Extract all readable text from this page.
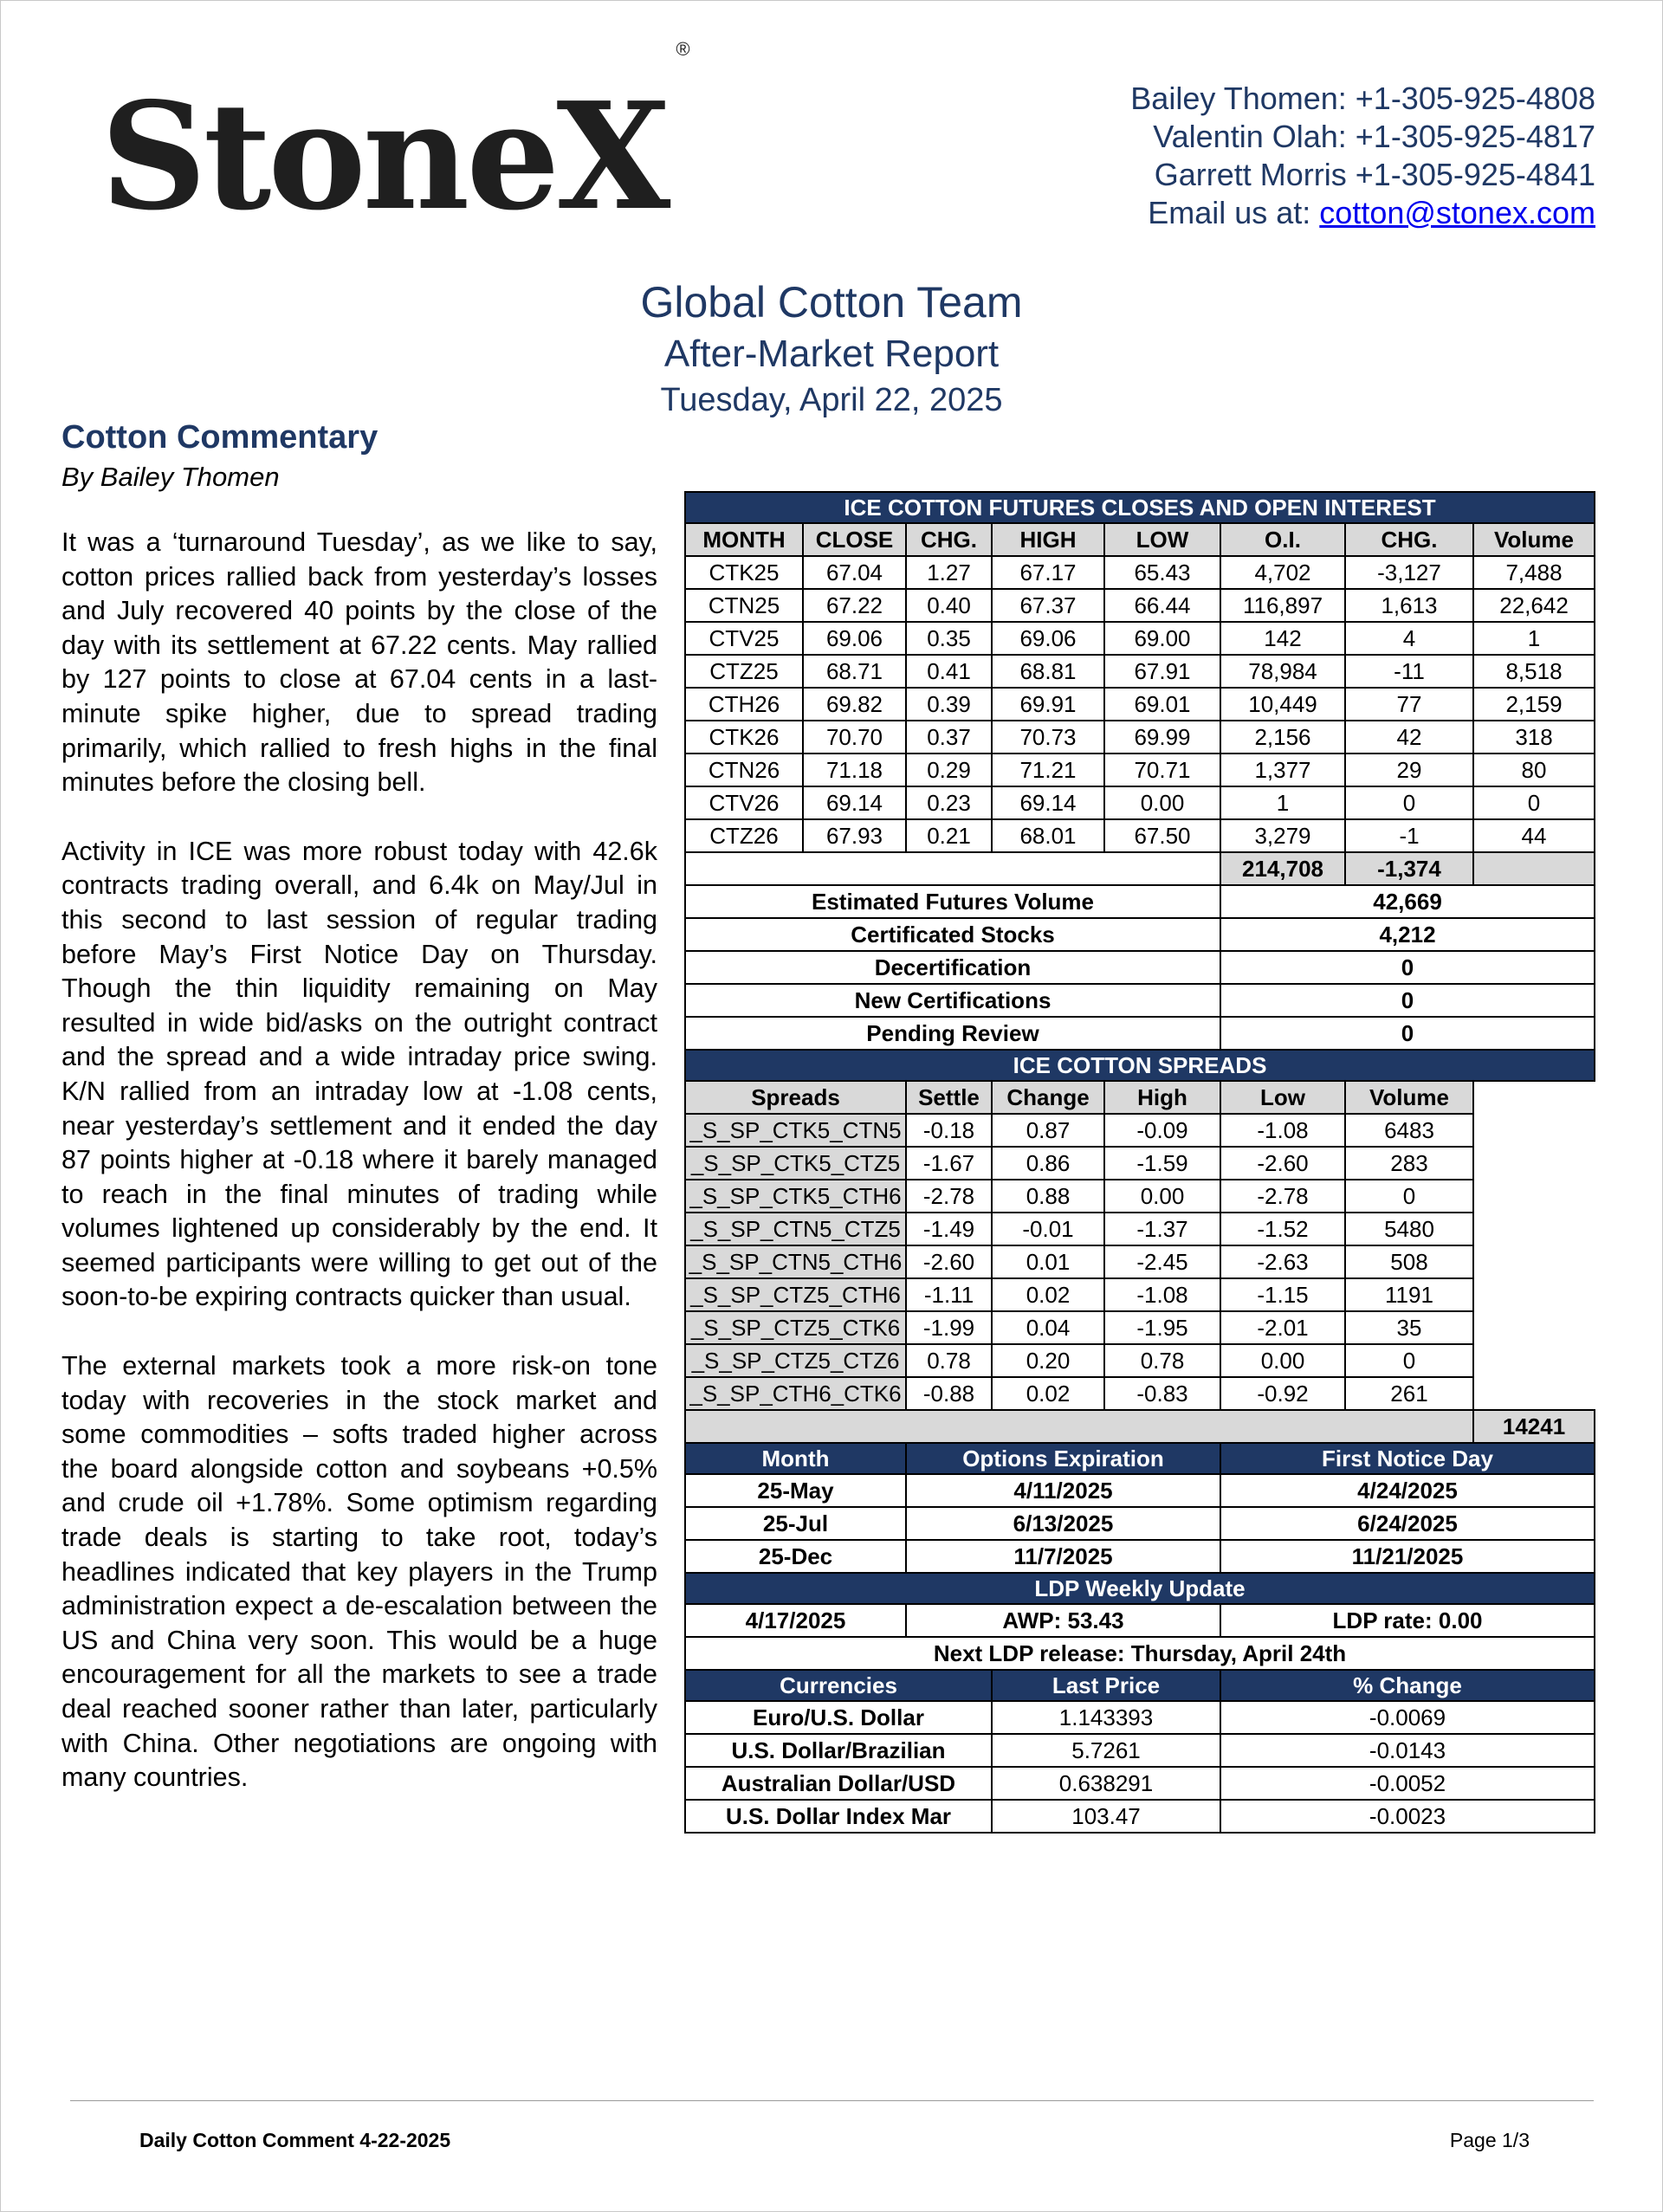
StoneX®
Bailey Thomen: +1-305-925-4808
Valentin Olah: +1-305-925-4817
Garrett Morris +1-305-925-4841
Email us at: cotton@stonex.com
Global Cotton Team
After-Market Report
Tuesday, April 22, 2025
Cotton Commentary
By Bailey Thomen

It was a ‘turnaround Tuesday’, as we like to say, cotton prices rallied back from yesterday’s losses and July recovered 40 points by the close of the day with its settlement at 67.22 cents. May rallied by 127 points to close at 67.04 cents in a last-minute spike higher, due to spread trading primarily, which rallied to fresh highs in the final minutes before the closing bell.

Activity in ICE was more robust today with 42.6k contracts trading overall, and 6.4k on May/Jul in this second to last session of regular trading before May’s First Notice Day on Thursday. Though the thin liquidity remaining on May resulted in wide bid/asks on the outright contract and the spread and a wide intraday price swing. K/N rallied from an intraday low at -1.08 cents, near yesterday’s settlement and it ended the day 87 points higher at -0.18 where it barely managed to reach in the final minutes of trading while volumes lightened up considerably by the end. It seemed participants were willing to get out of the soon-to-be expiring contracts quicker than usual.

The external markets took a more risk-on tone today with recoveries in the stock market and some commodities – softs traded higher across the board alongside cotton and soybeans +0.5% and crude oil +1.78%. Some optimism regarding trade deals is starting to take root, today’s headlines indicated that key players in the Trump administration expect a de-escalation between the US and China very soon. This would be a huge encouragement for all the markets to see a trade deal reached sooner rather than later, particularly with China. Other negotiations are ongoing with many countries.

ICE COTTON FUTURES CLOSES AND OPEN INTEREST							
MONTH	CLOSE	CHG.	HIGH	LOW	O.I.	CHG.	Volume
CTK25	67.04	1.27	67.17	65.43	4,702	-3,127	7,488
CTN25	67.22	0.40	67.37	66.44	116,897	1,613	22,642
CTV25	69.06	0.35	69.06	69.00	142	4	1
CTZ25	68.71	0.41	68.81	67.91	78,984	-11	8,518
CTH26	69.82	0.39	69.91	69.01	10,449	77	2,159
CTK26	70.70	0.37	70.73	69.99	2,156	42	318
CTN26	71.18	0.29	71.21	70.71	1,377	29	80
CTV26	69.14	0.23	69.14	0.00	1	0	0
CTZ26	67.93	0.21	68.01	67.50	3,279	-1	44
					214,708	-1,374	
Estimated Futures Volume					42,669		
Certificated Stocks					4,212		
Decertification					0		
New Certifications					0		
Pending Review					0		
ICE COTTON SPREADS							
Spreads		Settle	Change	High	Low	Volume	
_S_SP_CTK5_CTN5		-0.18	0.87	-0.09	-1.08	6483	
_S_SP_CTK5_CTZ5		-1.67	0.86	-1.59	-2.60	283	
_S_SP_CTK5_CTH6		-2.78	0.88	0.00	-2.78	0	
_S_SP_CTN5_CTZ5		-1.49	-0.01	-1.37	-1.52	5480	
_S_SP_CTN5_CTH6		-2.60	0.01	-2.45	-2.63	508	
_S_SP_CTZ5_CTH6		-1.11	0.02	-1.08	-1.15	1191	
_S_SP_CTZ5_CTK6		-1.99	0.04	-1.95	-2.01	35	
_S_SP_CTZ5_CTZ6		0.78	0.20	0.78	0.00	0	
_S_SP_CTH6_CTK6		-0.88	0.02	-0.83	-0.92	261	
							14241
Month		Options Expiration			First Notice Day		
25-May		4/11/2025			4/24/2025		
25-Jul		6/13/2025			6/24/2025		
25-Dec		11/7/2025			11/21/2025		
LDP Weekly Update							
4/17/2025		AWP: 53.43			LDP rate: 0.00		
Next LDP release: Thursday, April 24th							
Currencies			Last Price		% Change		
Euro/U.S. Dollar			1.143393		-0.0069		
U.S. Dollar/Brazilian			5.7261		-0.0143		
Australian Dollar/USD			0.638291		-0.0052		
U.S. Dollar Index Mar			103.47		-0.0023		
Daily Cotton Comment 4-22-2025	Page 1/3
